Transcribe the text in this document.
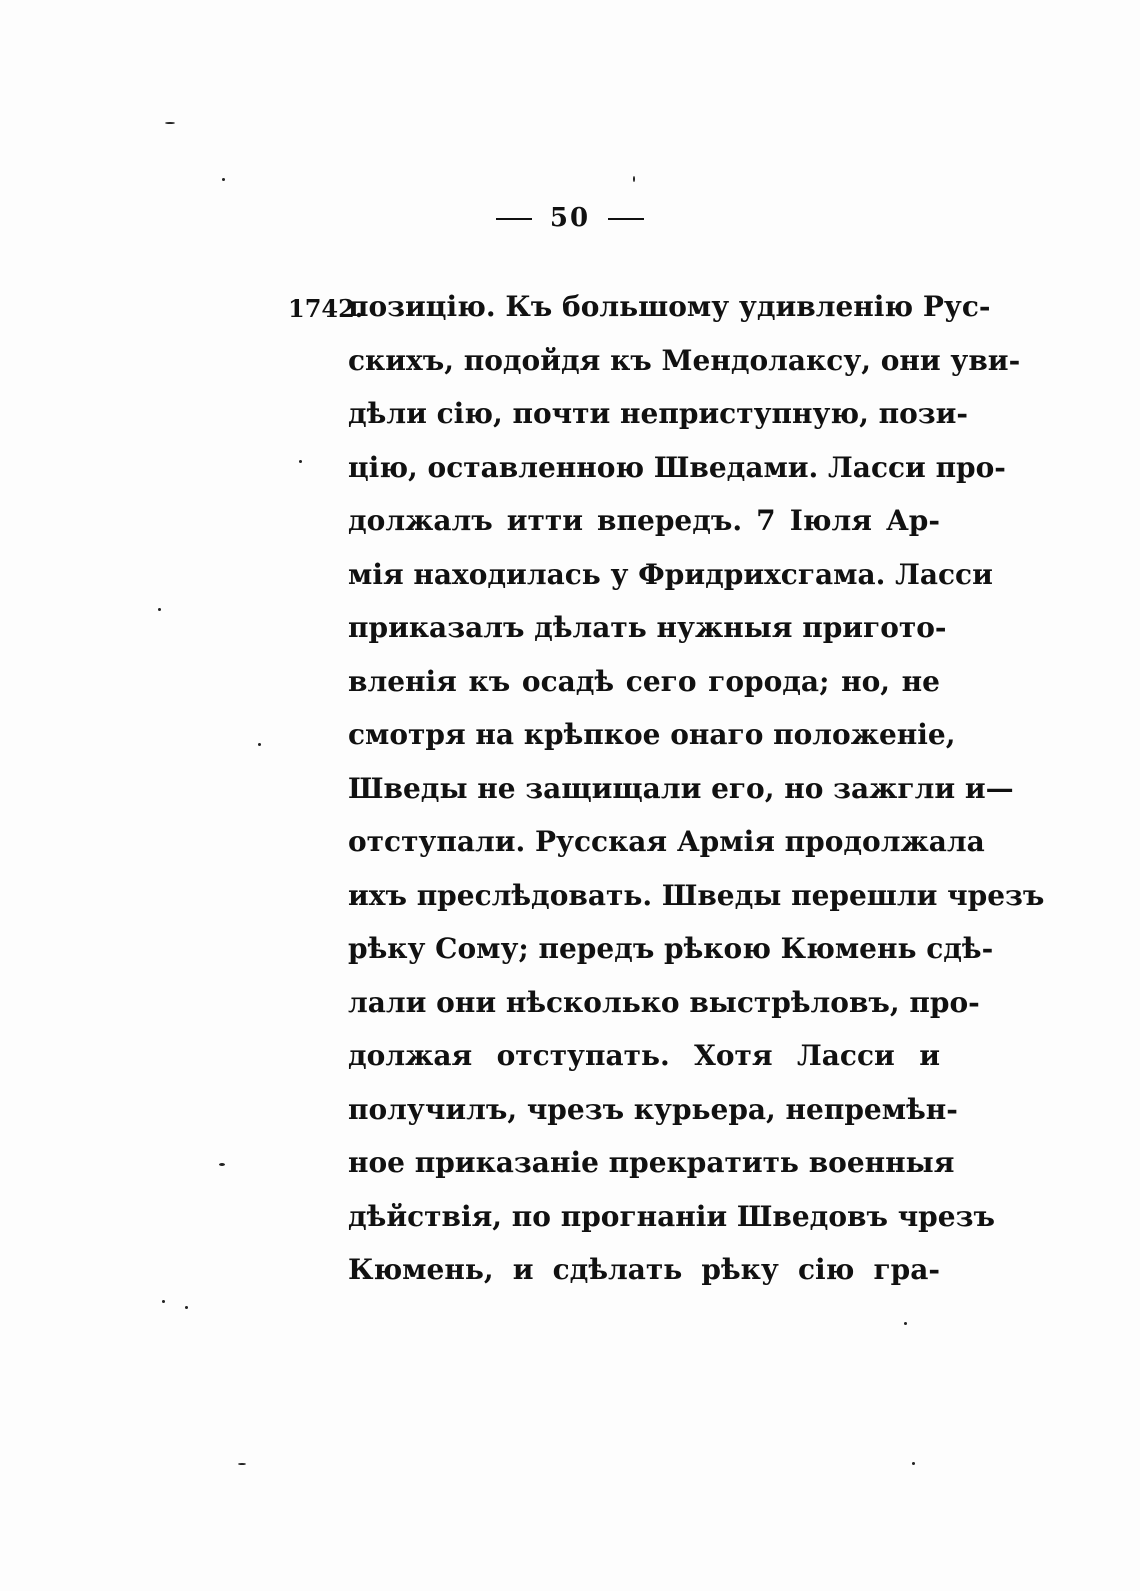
50
1742.
позицію. Къ большому удивленію Рус-
скихъ, подойдя къ Мендолаксу, они уви-
дѣли сію, почти неприступную, пози-
цію, оставленною Шведами. Ласси про-
должалъ итти впередъ. 7 Іюля Ар-
мія находилась у Фридрихсгама. Ласси
приказалъ дѣлать нужныя пригото-
вленія къ осадѣ сего города; но, не
смотря на крѣпкое онаго положеніе,
Шведы не защищали его, но зажгли и—
отступали. Русская Армія продолжала
ихъ преслѣдовать. Шведы перешли чрезъ
рѣку Сому; передъ рѣкою Кюмень сдѣ-
лали они нѣсколько выстрѣловъ, про-
должая отступать. Хотя Ласси и
получилъ, чрезъ курьера, непремѣн-
ное приказаніе прекратить военныя
дѣйствія, по прогнаніи Шведовъ чрезъ
Кюмень, и сдѣлать рѣку сію гра-
